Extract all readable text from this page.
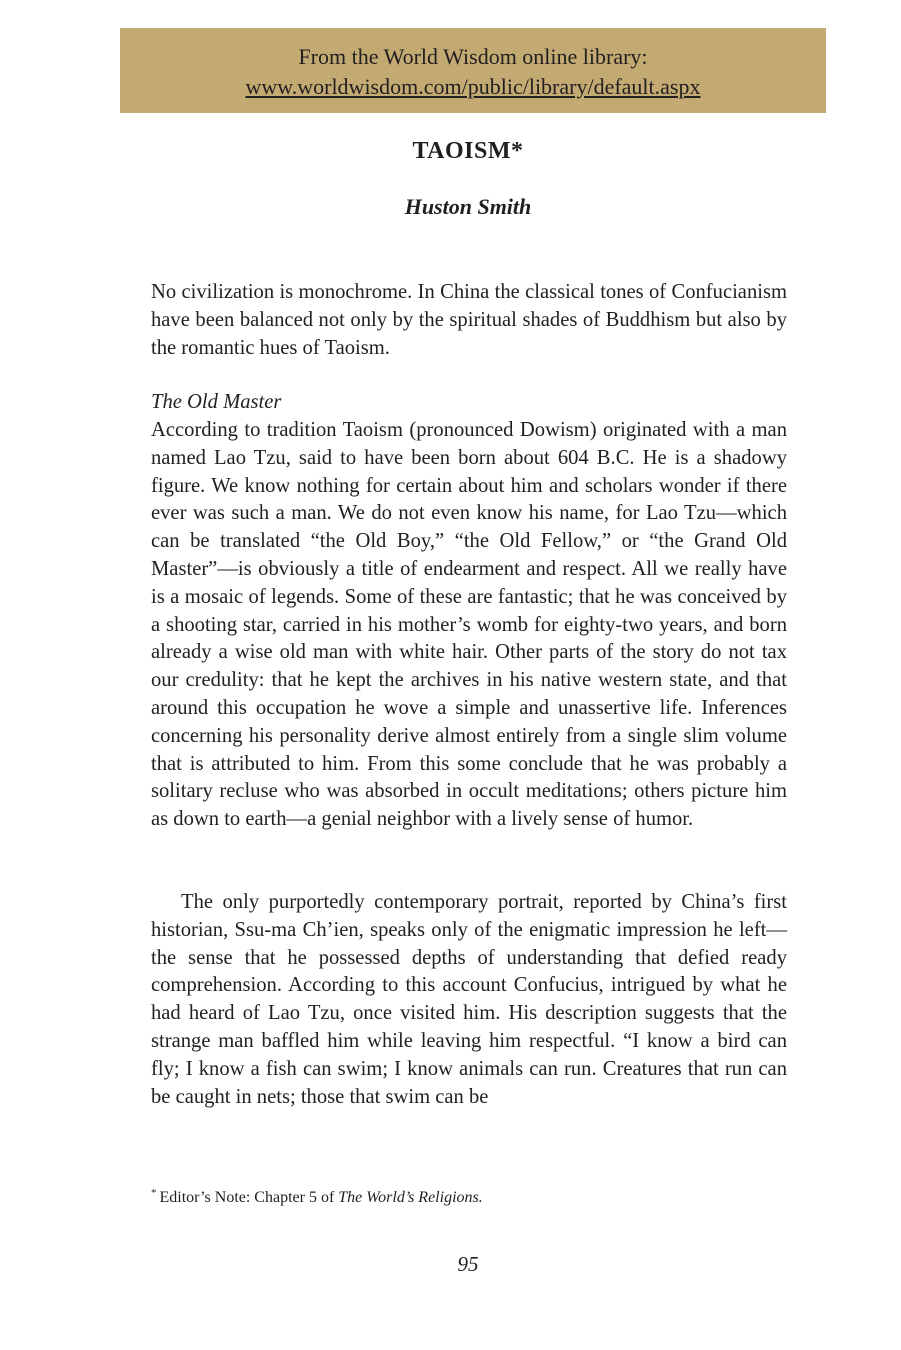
From the World Wisdom online library:
www.worldwisdom.com/public/library/default.aspx
TAOISM*
Huston Smith

No civilization is monochrome. In China the classical tones of Confucianism have been balanced not only by the spiritual shades of Buddhism but also by the romantic hues of Taoism.

The Old Master

According to tradition Taoism (pronounced Dowism) originated with a man named Lao Tzu, said to have been born about 604 B.C. He is a shadowy figure. We know nothing for certain about him and scholars wonder if there ever was such a man. We do not even know his name, for Lao Tzu—which can be translated “the Old Boy,” “the Old Fellow,” or “the Grand Old Master”—is obviously a title of endearment and respect. All we really have is a mosaic of legends. Some of these are fantastic; that he was conceived by a shooting star, carried in his mother’s womb for eighty-two years, and born already a wise old man with white hair. Other parts of the story do not tax our credulity: that he kept the archives in his native western state, and that around this occupation he wove a simple and unassertive life. Inferences concerning his personality derive almost entirely from a single slim volume that is attributed to him. From this some conclude that he was probably a solitary recluse who was absorbed in occult meditations; others picture him as down to earth—a genial neighbor with a lively sense of humor.

The only purportedly contemporary portrait, reported by China’s first historian, Ssu-ma Ch’ien, speaks only of the enigmatic impression he left—the sense that he possessed depths of understanding that defied ready comprehension. According to this account Confucius, intrigued by what he had heard of Lao Tzu, once visited him. His description suggests that the strange man baffled him while leaving him respectful. “I know a bird can fly; I know a fish can swim; I know animals can run. Creatures that run can be caught in nets; those that swim can be

* Editor’s Note: Chapter 5 of The World’s Religions.

95
